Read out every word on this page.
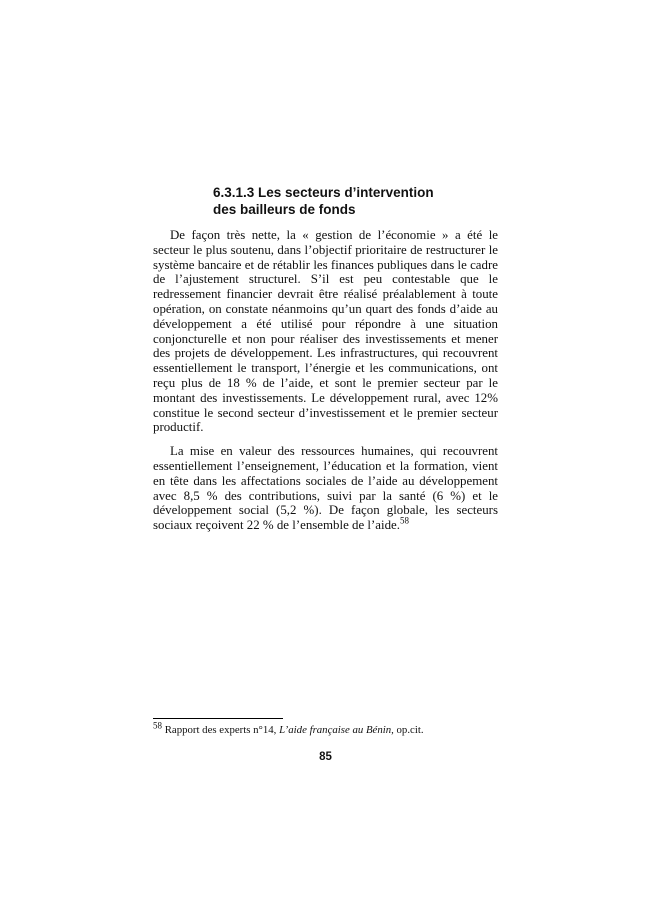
6.3.1.3 Les secteurs d’intervention
des bailleurs de fonds

De façon très nette, la « gestion de l’économie » a été le secteur le plus soutenu, dans l’objectif prioritaire de restructurer le système bancaire et de rétablir les finances publiques dans le cadre de l’ajustement structurel. S’il est peu contestable que le redressement financier devrait être réalisé préalablement à toute opération, on constate néanmoins qu’un quart des fonds d’aide au développement a été utilisé pour répondre à une situation conjoncturelle et non pour réaliser des investissements et mener des projets de développement. Les infrastructures, qui recouvrent essentiellement le transport, l’énergie et les communications, ont reçu plus de 18 % de l’aide, et sont le premier secteur par le montant des investissements. Le développement rural, avec 12% constitue le second secteur d’investissement et le premier secteur productif.

La mise en valeur des ressources humaines, qui recouvrent essentiellement l’enseignement, l’éducation et la formation, vient en tête dans les affectations sociales de l’aide au développement avec 8,5 % des contributions, suivi par la santé (6 %) et le développement social (5,2 %). De façon globale, les secteurs sociaux reçoivent 22 % de l’ensemble de l’aide.$^{58}$

$^{58}$ Rapport des experts n°14, L’aide française au Bénin, op.cit.
85
